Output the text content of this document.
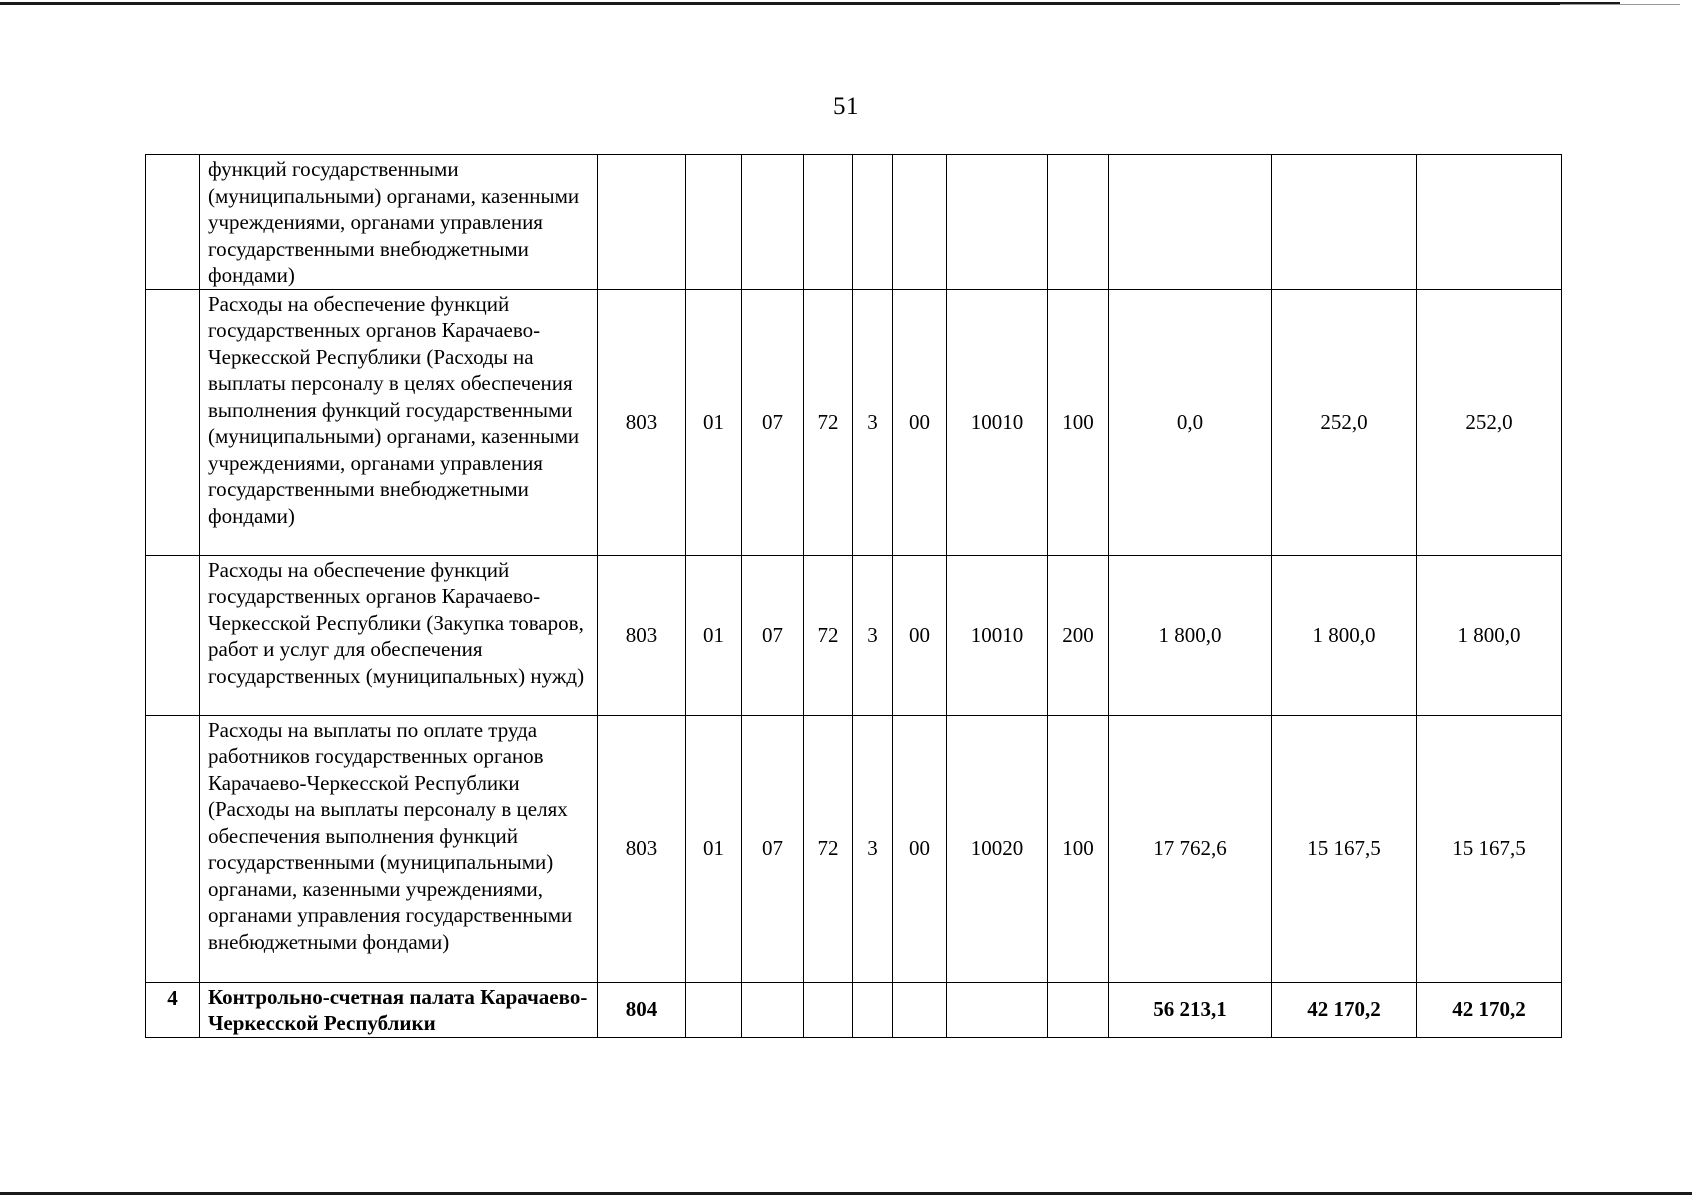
51
	функций государственными (муниципальными) органами, казенными учреждениями, органами управления государственными внебюджетными фондами)											
	Расходы на обеспечение функций государственных органов Карачаево-Черкесской Республики (Расходы на выплаты персоналу в целях обеспечения выполнения функций государственными (муниципальными) органами, казенными учреждениями, органами управления государственными внебюджетными фондами)	803	01	07	72	3	00	10010	100	0,0	252,0	252,0
	Расходы на обеспечение функций государственных органов Карачаево-Черкесской Республики (Закупка товаров, работ и услуг для обеспечения государственных (муниципальных) нужд)	803	01	07	72	3	00	10010	200	1 800,0	1 800,0	1 800,0
	Расходы на выплаты по оплате труда работников государственных органов Карачаево-Черкесской Республики (Расходы на выплаты персоналу в целях обеспечения выполнения функций государственными (муниципальными) органами, казенными учреждениями, органами управления государственными внебюджетными фондами)	803	01	07	72	3	00	10020	100	17 762,6	15 167,5	15 167,5
4	Контрольно-счетная палата Карачаево-Черкесской Республики	804								56 213,1	42 170,2	42 170,2
